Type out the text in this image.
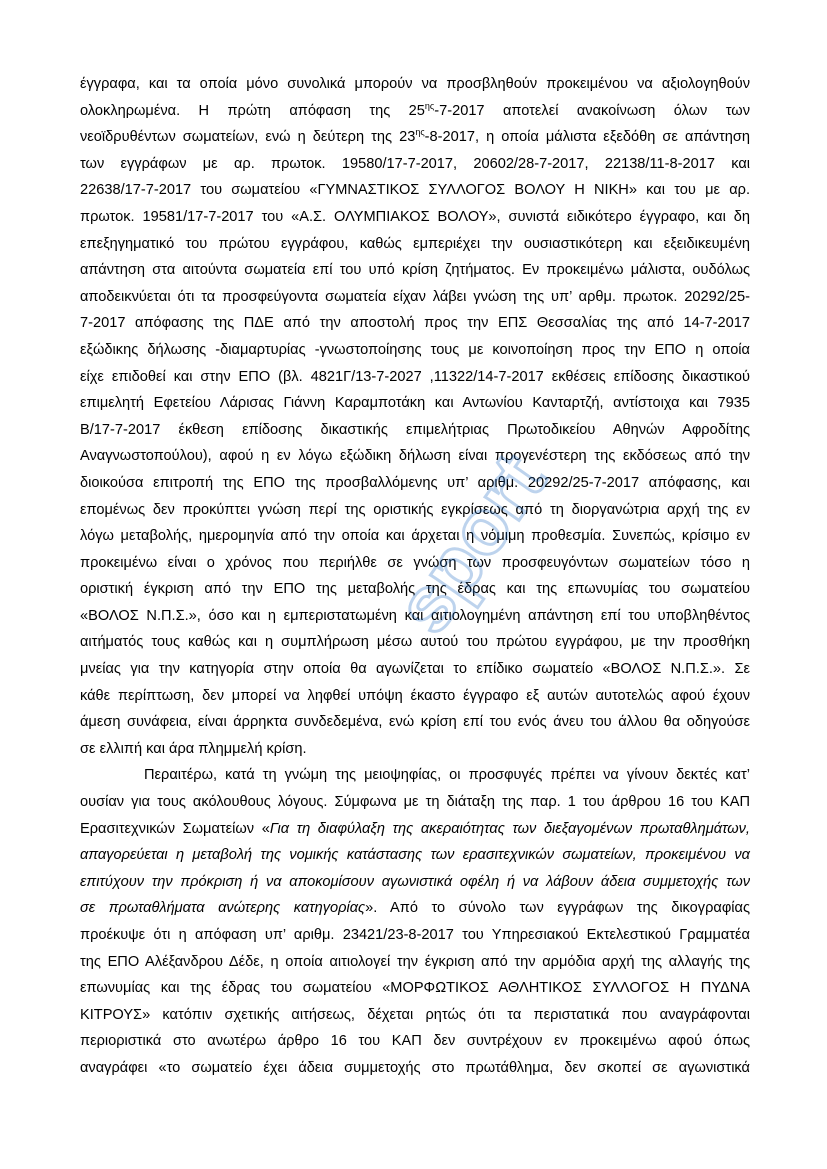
έγγραφα, και τα οποία μόνο συνολικά μπορούν να προσβληθούν προκειμένου να αξιολογηθούν
ολοκληρωμένα. Η πρώτη απόφαση της $25^{\eta\varsigma}-7-2017$ αποτελεί ανακοίνωση όλων των
νεοϊδρυθέντων σωματείων, ενώ η δεύτερη της $23^{\eta\varsigma}-8-2017$, η οποία μάλιστα εξεδόθη σε απάντηση
των εγγράφων με αρ. πρωτοκ. 19580/17-7-2017, 20602/28-7-2017, 22138/11-8-2017 και
22638/17-7-2017 του σωματείου «ΓΥΜΝΑΣΤΙΚΟΣ ΣΥΛΛΟΓΟΣ ΒΟΛΟΥ Η ΝΙΚΗ» και του με αρ.
πρωτοκ. 19581/17-7-2017 του «Α.Σ. ΟΛΥΜΠΙΑΚΟΣ ΒΟΛΟΥ», συνιστά ειδικότερο έγγραφο, και δη
επεξηγηματικό του πρώτου εγγράφου, καθώς εμπεριέχει την ουσιαστικότερη και εξειδικευμένη
απάντηση στα αιτούντα σωματεία επί του υπό κρίση ζητήματος. Εν προκειμένω μάλιστα, ουδόλως
αποδεικνύεται ότι τα προσφεύγοντα σωματεία είχαν λάβει γνώση της υπ’ αρθμ. πρωτοκ. 20292/25-
7-2017 απόφασης της ΠΔΕ από την αποστολή προς την ΕΠΣ Θεσσαλίας της από 14-7-2017
εξώδικης δήλωσης -διαμαρτυρίας -γνωστοποίησης τους με κοινοποίηση προς την ΕΠΟ η οποία
είχε επιδοθεί και στην ΕΠΟ (βλ. 4821Γ/13-7-2027 ,11322/14-7-2017 εκθέσεις επίδοσης δικαστικού
επιμελητή Εφετείου Λάρισας Γιάννη Καραμποτάκη και Αντωνίου Κανταρτζή, αντίστοιχα και 7935
Β/17-7-2017 έκθεση επίδοσης δικαστικής επιμελήτριας Πρωτοδικείου Αθηνών Αφροδίτης
Αναγνωστοπούλου), αφού η εν λόγω εξώδικη δήλωση είναι προγενέστερη της εκδόσεως από την
διοικούσα επιτροπή της ΕΠΟ της προσβαλλόμενης υπ’ αριθμ. 20292/25-7-2017 απόφασης, και
επομένως δεν προκύπτει γνώση περί της οριστικής εγκρίσεως από τη διοργανώτρια αρχή της εν
λόγω μεταβολής, ημερομηνία από την οποία και άρχεται η νόμιμη προθεσμία. Συνεπώς, κρίσιμο εν
προκειμένω είναι ο χρόνος που περιήλθε σε γνώση των προσφευγόντων σωματείων τόσο η
οριστική έγκριση από την ΕΠΟ της μεταβολής της έδρας και της επωνυμίας του σωματείου
«ΒΟΛΟΣ Ν.Π.Σ.», όσο και η εμπεριστατωμένη και αιτιολογημένη απάντηση επί του υποβληθέντος
αιτήματός τους καθώς και η συμπλήρωση μέσω αυτού του πρώτου εγγράφου, με την προσθήκη
μνείας για την κατηγορία στην οποία θα αγωνίζεται το επίδικο σωματείο «ΒΟΛΟΣ Ν.Π.Σ.». Σε
κάθε περίπτωση, δεν μπορεί να ληφθεί υπόψη έκαστο έγγραφο εξ αυτών αυτοτελώς αφού έχουν
άμεση συνάφεια, είναι άρρηκτα συνδεδεμένα, ενώ κρίση επί του ενός άνευ του άλλου θα οδηγούσε
σε ελλιπή και άρα πλημμελή κρίση.
Περαιτέρω, κατά τη γνώμη της μειοψηφίας, οι προσφυγές πρέπει να γίνουν δεκτές κατ’
ουσίαν για τους ακόλουθους λόγους. Σύμφωνα με τη διάταξη της παρ. 1 του άρθρου 16 του ΚΑΠ
Ερασιτεχνικών Σωματείων «Για τη διαφύλαξη της ακεραιότητας των διεξαγομένων πρωταθλημάτων,
απαγορεύεται η μεταβολή της νομικής κατάστασης των ερασιτεχνικών σωματείων, προκειμένου να
επιτύχουν την πρόκριση ή να αποκομίσουν αγωνιστικά οφέλη ή να λάβουν άδεια συμμετοχής των
σε πρωταθλήματα ανώτερης κατηγορίας». Από το σύνολο των εγγράφων της δικογραφίας
προέκυψε ότι η απόφαση υπ’ αριθμ. 23421/23-8-2017 του Υπηρεσιακού Εκτελεστικού Γραμματέα
της ΕΠΟ Αλέξανδρου Δέδε, η οποία αιτιολογεί την έγκριση από την αρμόδια αρχή της αλλαγής της
επωνυμίας και της έδρας του σωματείου «ΜΟΡΦΩΤΙΚΟΣ ΑΘΛΗΤΙΚΟΣ ΣΥΛΛΟΓΟΣ Η ΠΥΔΝΑ
ΚΙΤΡΟΥΣ» κατόπιν σχετικής αιτήσεως, δέχεται ρητώς ότι τα περιστατικά που αναγράφονται
περιοριστικά στο ανωτέρω άρθρο 16 του ΚΑΠ δεν συντρέχουν εν προκειμένω αφού όπως
αναγράφει «το σωματείο έχει άδεια συμμετοχής στο πρωτάθλημα, δεν σκοπεί σε αγωνιστικά
sport
